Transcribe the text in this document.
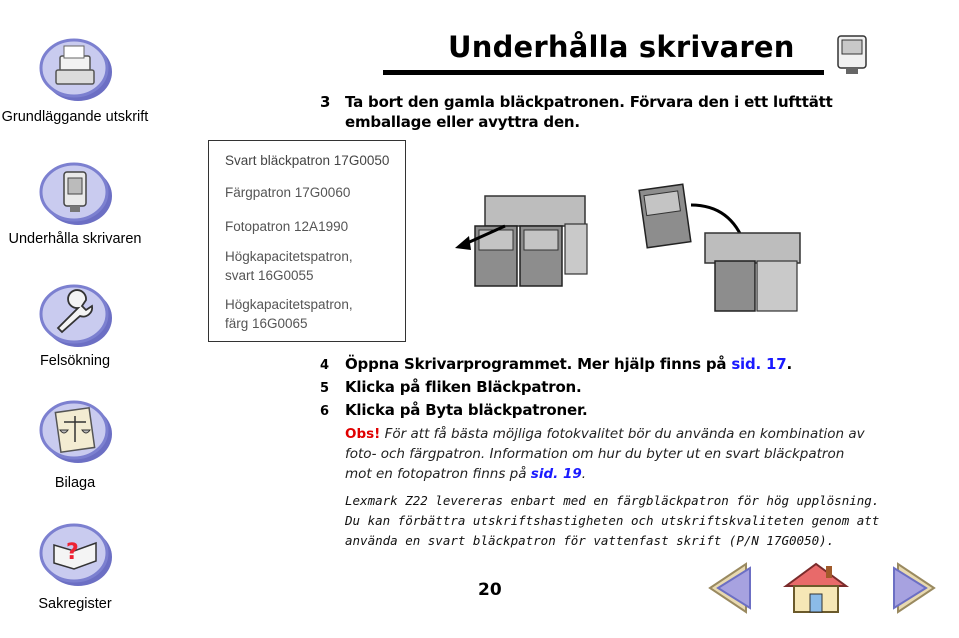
Grundläggande utskrift
Underhålla skrivaren
Felsökning
Bilaga
?
Sakregister
Underhålla skrivaren
3 Ta bort den gamla bläckpatronen. Förvara den i ett lufttätt
emballage eller avyttra den.
Svart bläckpatron 17G0050
Färgpatron 17G0060
Fotopatron 12A1990
Högkapacitetspatron,
svart 16G0055
Högkapacitetspatron,
färg 16G0065
4 Öppna Skrivarprogrammet. Mer hjälp finns på sid. 17.
5 Klicka på fliken Bläckpatron.
6 Klicka på Byta bläckpatroner.
Obs! För att få bästa möjliga fotokvalitet bör du använda en kombination av
foto- och färgpatron. Information om hur du byter ut en svart bläckpatron
mot en fotopatron finns på sid. 19.
Lexmark Z22 levereras enbart med en färgbläckpatron för hög upplösning.
Du kan förbättra utskriftshastigheten och utskriftskvaliteten genom att
använda en svart bläckpatron för vattenfast skrift (P/N 17G0050).
20
